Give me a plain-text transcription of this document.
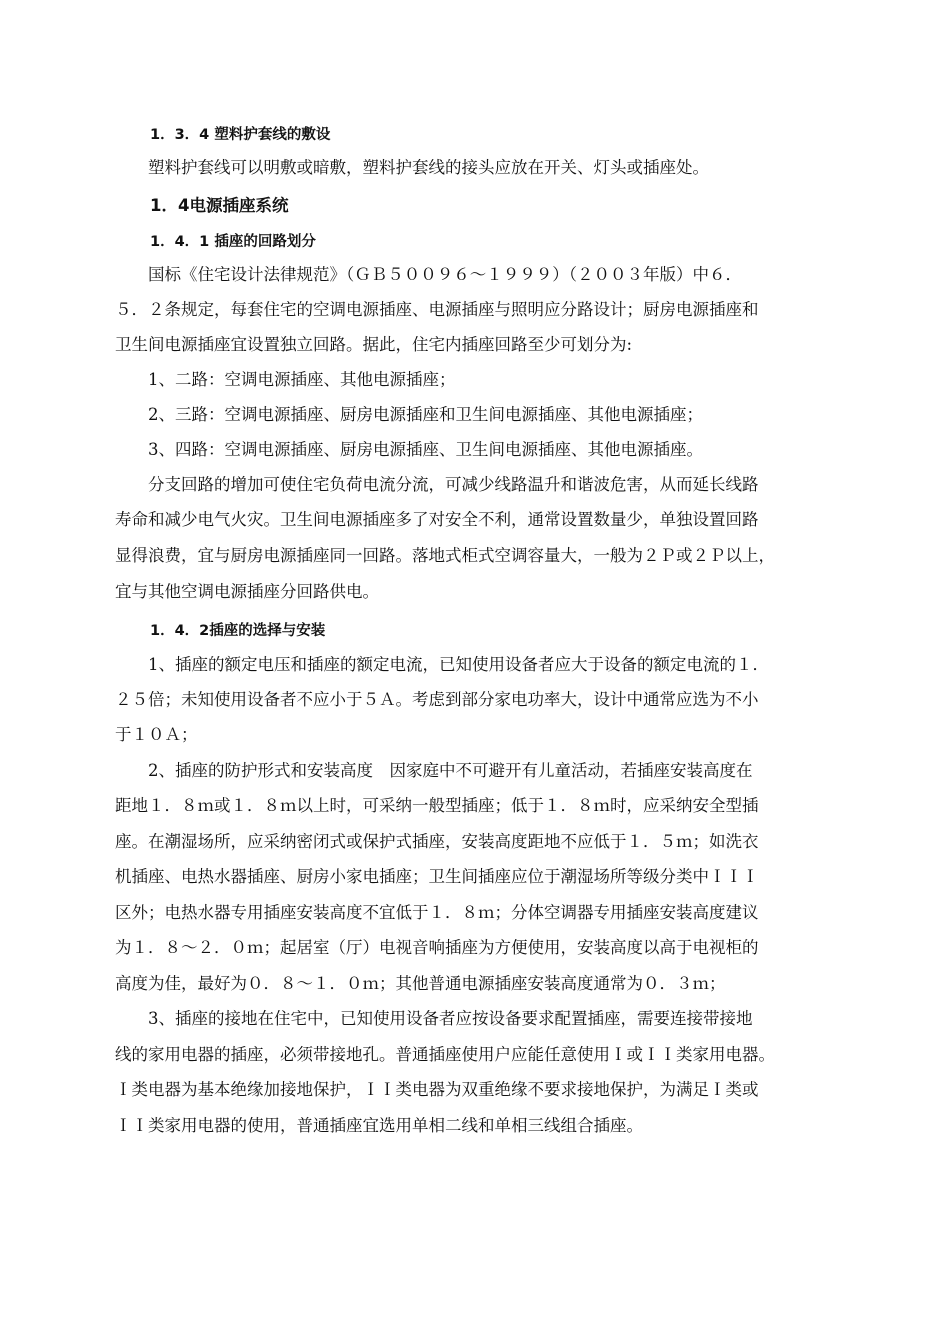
1．3．4 塑料护套线的敷设
塑料护套线可以明敷或暗敷，塑料护套线的接头应放在开关、灯头或插座处。
1．4电源插座系统
1．4．1 插座的回路划分
国标《住宅设计法律规范》（ＧＢ５００９６～１９９９）（２００３年版）中６．
５．２条规定，每套住宅的空调电源插座、电源插座与照明应分路设计；厨房电源插座和
卫生间电源插座宜设置独立回路。据此，住宅内插座回路至少可划分为:
1、二路：空调电源插座、其他电源插座；
2、三路：空调电源插座、厨房电源插座和卫生间电源插座、其他电源插座；
3、四路：空调电源插座、厨房电源插座、卫生间电源插座、其他电源插座。
分支回路的增加可使住宅负荷电流分流，可减少线路温升和谐波危害，从而延长线路
寿命和减少电气火灾。卫生间电源插座多了对安全不利，通常设置数量少，单独设置回路
显得浪费，宜与厨房电源插座同一回路。落地式柜式空调容量大，一般为２Ｐ或２Ｐ以上，
宜与其他空调电源插座分回路供电。
1．4．2插座的选择与安装
1、插座的额定电压和插座的额定电流，已知使用设备者应大于设备的额定电流的１．
２５倍；未知使用设备者不应小于５Ａ。考虑到部分家电功率大，设计中通常应选为不小
于１０Ａ；
2、插座的防护形式和安装高度　因家庭中不可避开有儿童活动，若插座安装高度在
距地１．８ｍ或１．８ｍ以上时，可采纳一般型插座；低于１．８ｍ时，应采纳安全型插
座。在潮湿场所，应采纳密闭式或保护式插座，安装高度距地不应低于１．５ｍ；如洗衣
机插座、电热水器插座、厨房小家电插座；卫生间插座应位于潮湿场所等级分类中ＩＩＩ
区外；电热水器专用插座安装高度不宜低于１．８ｍ；分体空调器专用插座安装高度建议
为１．８～２．０ｍ；起居室（厅）电视音响插座为方便使用，安装高度以高于电视柜的
高度为佳，最好为０．８～１．０ｍ；其他普通电源插座安装高度通常为０．３ｍ；
3、插座的接地在住宅中，已知使用设备者应按设备要求配置插座，需要连接带接地
线的家用电器的插座，必须带接地孔。普通插座使用户应能任意使用Ｉ或ＩＩ类家用电器。
Ｉ类电器为基本绝缘加接地保护，ＩＩ类电器为双重绝缘不要求接地保护，为满足Ｉ类或
ＩＩ类家用电器的使用，普通插座宜选用单相二线和单相三线组合插座。
